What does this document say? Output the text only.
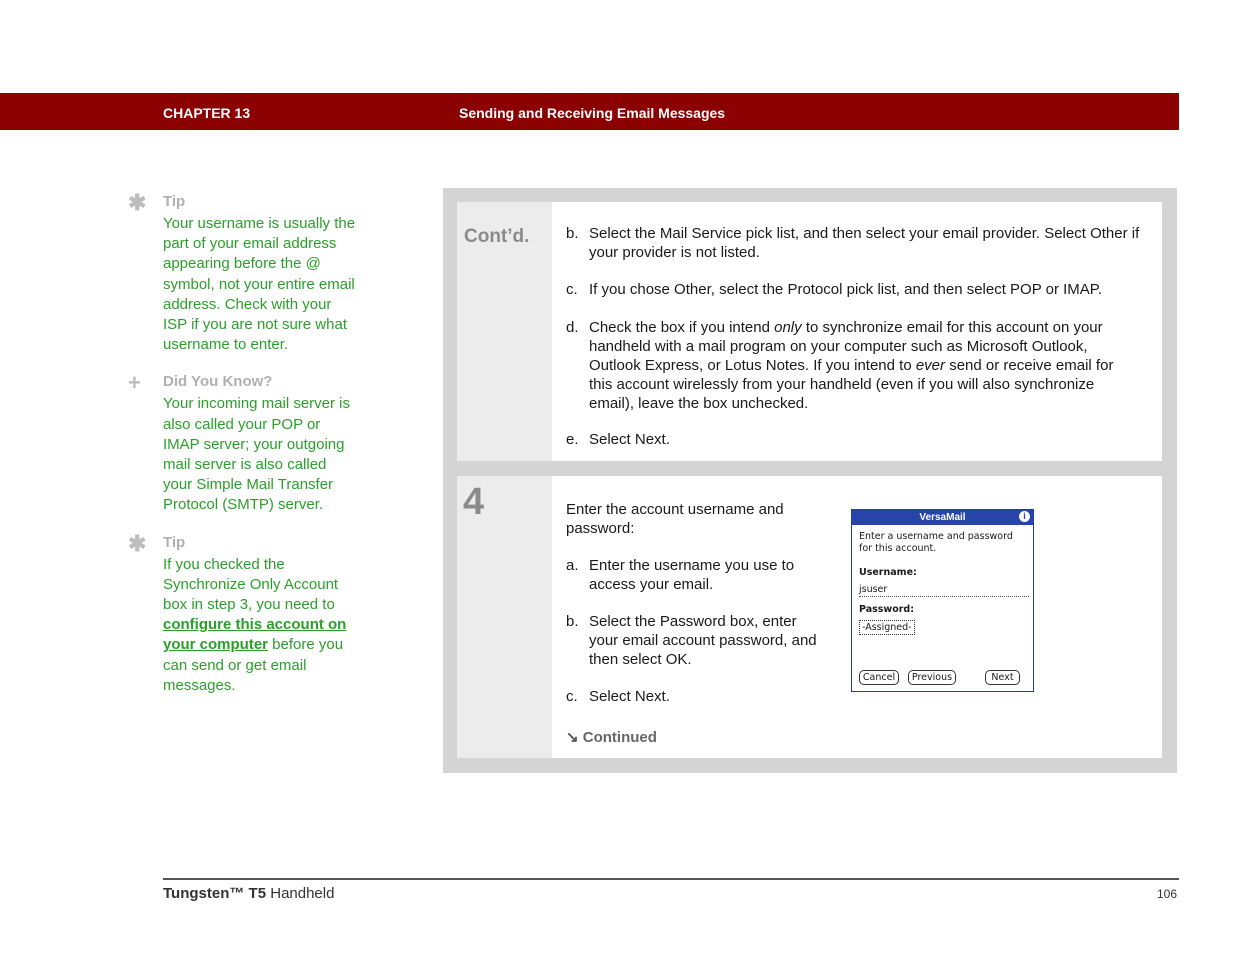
CHAPTER 13	Sending and Receiving Email Messages
✱ Tip
Your username is usually the part of your email address appearing before the @ symbol, not your entire email address. Check with your ISP if you are not sure what username to enter.
+	Did You Know?
Your incoming mail server is also called your POP or IMAP server; your outgoing mail server is also called your Simple Mail Transfer Protocol (SMTP) server.
✱ Tip
If you checked the Synchronize Only Account box in step 3, you need to configure this account on your computer before you can send or get email messages.
Cont’d. b. Select the Mail Service pick list, and then select your email provider. Select Other if your provider is not listed.
c. If you chose Other, select the Protocol pick list, and then select POP or IMAP.
d. Check the box if you intend only to synchronize email for this account on your handheld with a mail program on your computer such as Microsoft Outlook, Outlook Express, or Lotus Notes. If you intend to ever send or receive email for this account wirelessly from your handheld (even if you will also synchronize email), leave the box unchecked.
e. Select Next.
4	Enter the account username and password:
a. Enter the username you use to access your email.
b. Select the Password box, enter your email account password, and then select OK.
c. Select Next.
↘ Continued
VersaMail	i
Enter a username and password for this account.
Username:
jsuser
Password:
-Assigned-
Cancel	Previous	Next
Tungsten™ T5 Handheld	106
